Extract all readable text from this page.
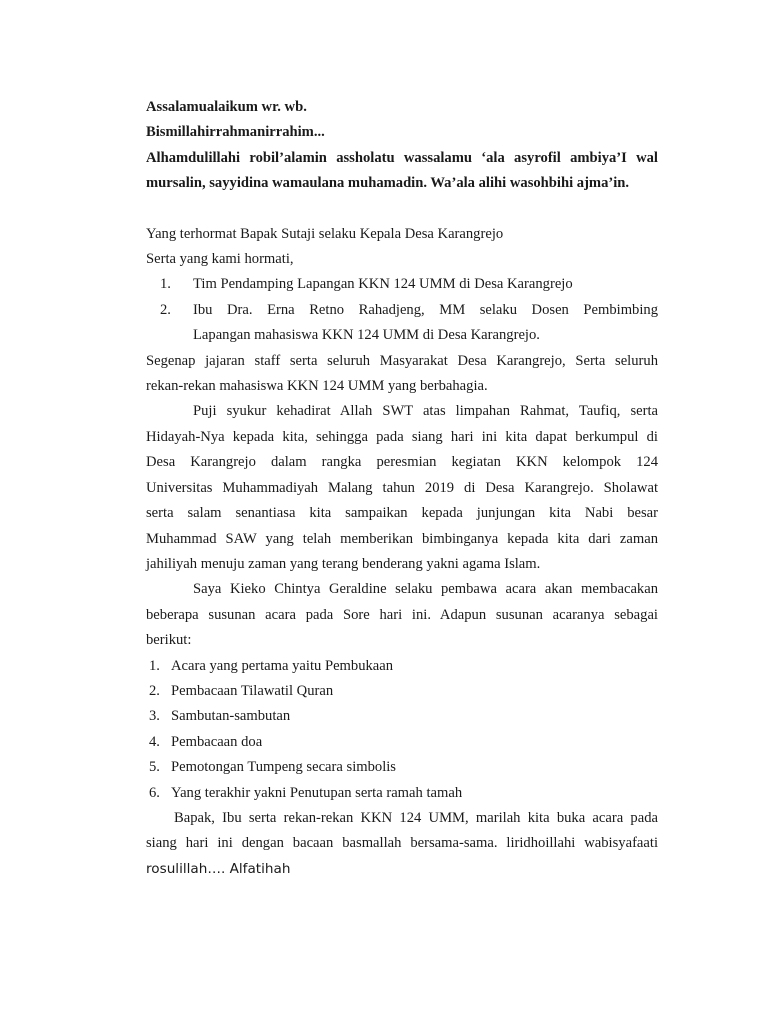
Assalamualaikum wr. wb.
Bismillahirrahmanirrahim...
Alhamdulillahi robil’alamin assholatu wassalamu ‘ala asyrofil ambiya’I wal
mursalin, sayyidina wamaulana muhamadin. Wa’ala alihi wasohbihi ajma’in.
Yang terhormat Bapak Sutaji selaku Kepala Desa Karangrejo
Serta yang kami hormati,
1. Tim Pendamping Lapangan KKN 124 UMM di Desa Karangrejo
2. Ibu Dra. Erna Retno Rahadjeng, MM selaku Dosen Pembimbing
Lapangan mahasiswa KKN 124 UMM di Desa Karangrejo.
Segenap jajaran staff serta seluruh Masyarakat Desa Karangrejo, Serta seluruh
rekan-rekan mahasiswa KKN 124 UMM yang berbahagia.
Puji syukur kehadirat Allah SWT atas limpahan Rahmat, Taufiq, serta
Hidayah-Nya kepada kita, sehingga pada siang hari ini kita dapat berkumpul di
Desa Karangrejo dalam rangka peresmian kegiatan KKN kelompok 124
Universitas Muhammadiyah Malang tahun 2019 di Desa Karangrejo. Sholawat
serta salam senantiasa kita sampaikan kepada junjungan kita Nabi besar
Muhammad SAW yang telah memberikan bimbinganya kepada kita dari zaman
jahiliyah menuju zaman yang terang benderang yakni agama Islam.
Saya Kieko Chintya Geraldine selaku pembawa acara akan membacakan
beberapa susunan acara pada Sore hari ini. Adapun susunan acaranya sebagai
berikut:
1. Acara yang pertama yaitu Pembukaan
2. Pembacaan Tilawatil Quran
3. Sambutan-sambutan
4. Pembacaan doa
5. Pemotongan Tumpeng secara simbolis
6. Yang terakhir yakni Penutupan serta ramah tamah
Bapak, Ibu serta rekan-rekan KKN 124 UMM, marilah kita buka acara pada
siang hari ini dengan bacaan basmallah bersama-sama. liridhoillahi wabisyafaati
rosulillah…. Alfatihah
